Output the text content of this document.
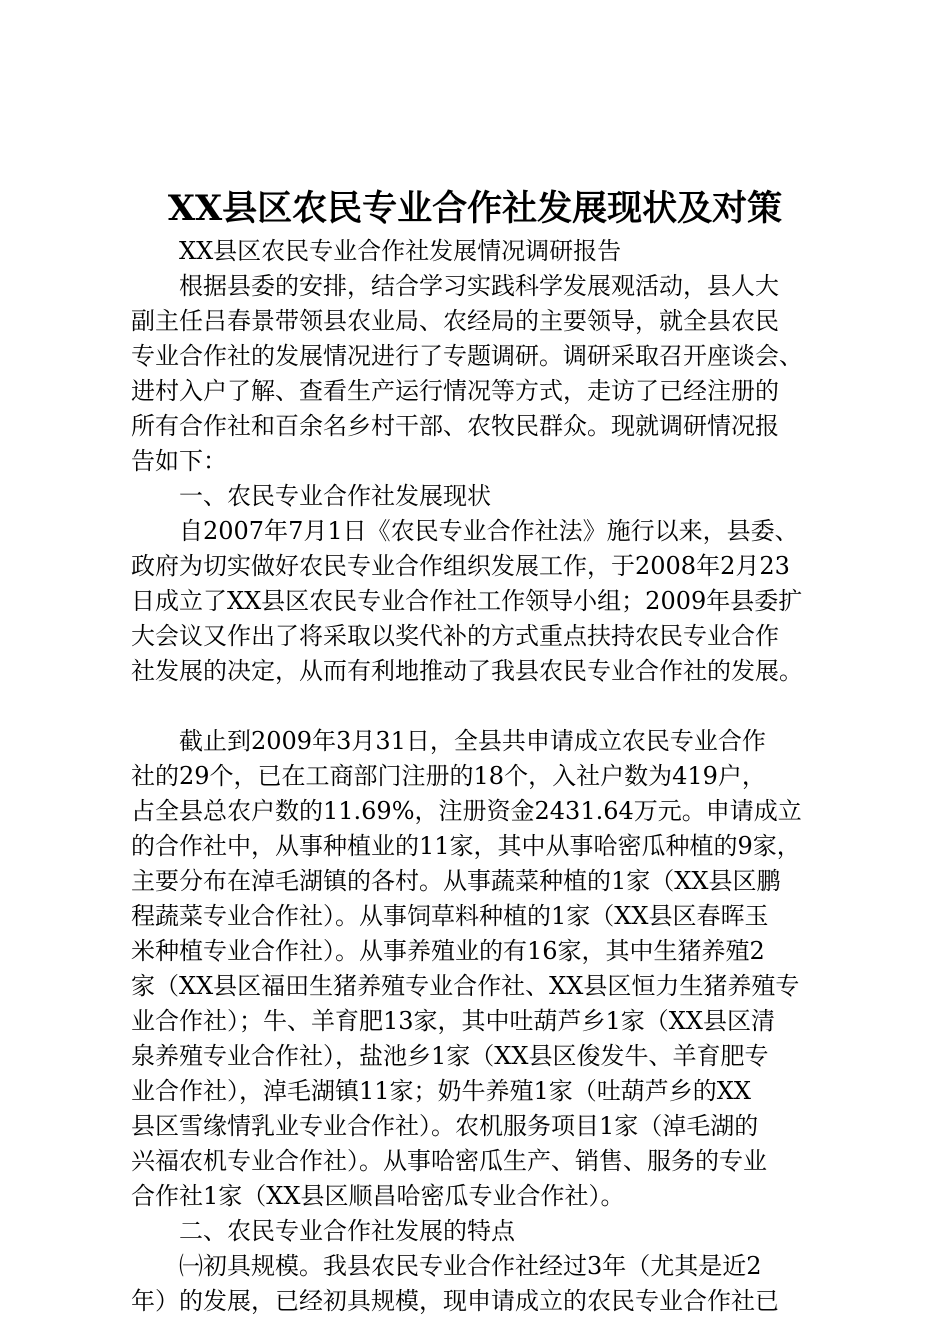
XX县区农民专业合作社发展现状及对策
XX县区农民专业合作社发展情况调研报告
根据县委的安排，结合学习实践科学发展观活动，县人大
副主任吕春景带领县农业局、农经局的主要领导，就全县农民
专业合作社的发展情况进行了专题调研。调研采取召开座谈会、
进村入户了解、查看生产运行情况等方式，走访了已经注册的
所有合作社和百余名乡村干部、农牧民群众。现就调研情况报
告如下：
一、农民专业合作社发展现状
自2007年7月1日《农民专业合作社法》施行以来，县委、
政府为切实做好农民专业合作组织发展工作，于2008年2月23
日成立了XX县区农民专业合作社工作领导小组；2009年县委扩
大会议又作出了将采取以奖代补的方式重点扶持农民专业合作
社发展的决定，从而有利地推动了我县农民专业合作社的发展。
截止到2009年3月31日，全县共申请成立农民专业合作
社的29个，已在工商部门注册的18个，入社户数为419户，
占全县总农户数的11.69%，注册资金2431.64万元。申请成立
的合作社中，从事种植业的11家，其中从事哈密瓜种植的9家，
主要分布在淖毛湖镇的各村。从事蔬菜种植的1家（XX县区鹏
程蔬菜专业合作社）。从事饲草料种植的1家（XX县区春晖玉
米种植专业合作社）。从事养殖业的有16家，其中生猪养殖2
家（XX县区福田生猪养殖专业合作社、XX县区恒力生猪养殖专
业合作社）；牛、羊育肥13家，其中吐葫芦乡1家（XX县区清
泉养殖专业合作社），盐池乡1家（XX县区俊发牛、羊育肥专
业合作社），淖毛湖镇11家；奶牛养殖1家（吐葫芦乡的XX
县区雪缘情乳业专业合作社）。农机服务项目1家（淖毛湖的
兴福农机专业合作社）。从事哈密瓜生产、销售、服务的专业
合作社1家（XX县区顺昌哈密瓜专业合作社）。
二、农民专业合作社发展的特点
㈠初具规模。我县农民专业合作社经过3年（尤其是近2
年）的发展，已经初具规模，现申请成立的农民专业合作社已
